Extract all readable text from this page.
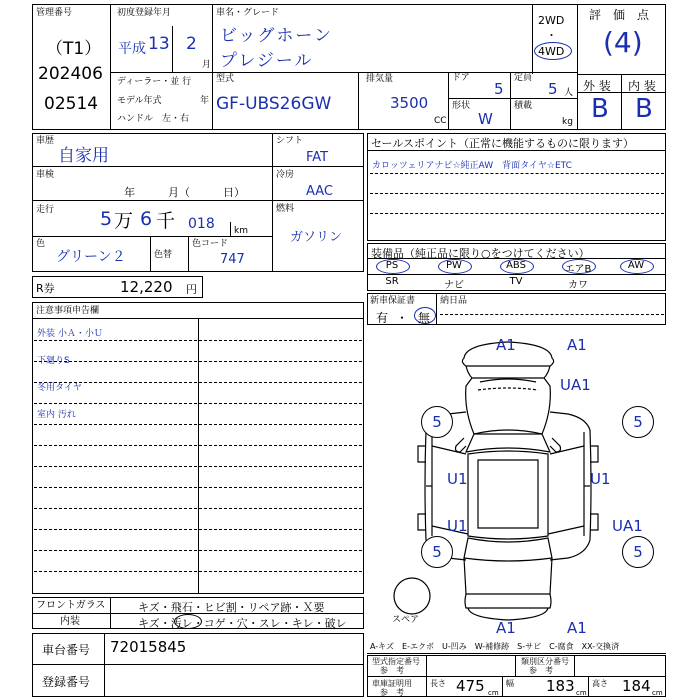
管理番号
（T1）
202406
02514
初度登録年月
平成 13 2
月
車名・グレード
ビッグホーン
プレジール
2WD
・
4WD
評　価　点
(4)
外 装 内 装
B B
ディーラー・並 行
モデル年式	年
ハンドル　左・右
型式
GF-UBS26GW
排気量
3500
CC
ドア
5
定員
5 人
形状
W
積載
kg
車歴
自家用
車検
年　　　月（　　　日）
走行 5 万 6 千 018 km
色
グリーン２	色替
色コード
747
シフト
FAT
冷房
AAC
燃料
ガソリン
セールスポイント（正常に機能するものに限ります）
カロッツェリアナビ☆純正AW　背面タイヤ☆ETC
装備品（純正品に限り○をつけてください）
PS	PW	ABS	エアB	AW
SR	ナビ	TV	カワ
R券	12,220 円
新車保証書
有 ・ 無
納日品
注意事項申告欄
外装 小Ａ・小Ｕ
下廻りS
冬用タイヤ
室内 汚れ
スペア
A1	A1
UA1
5	5
U1	U1
U1	UA1
5	5
A1	A1
フロントガラス	キズ・飛石・ヒビ割・リペア跡・Ｘ要
内装	キズ・汚レ・コゲ・穴・スレ・キレ・破レ
A-キズ　E-エクボ　U-凹み　W-補修跡　S-サビ　C-腐食　XX-交換済
車台番号 72015845
登録番号
型式指定番号
参　考
類別区分番号
参　考
車庫証明用
参　考
長さ 475 cm
幅 183 cm
高さ 184 cm
